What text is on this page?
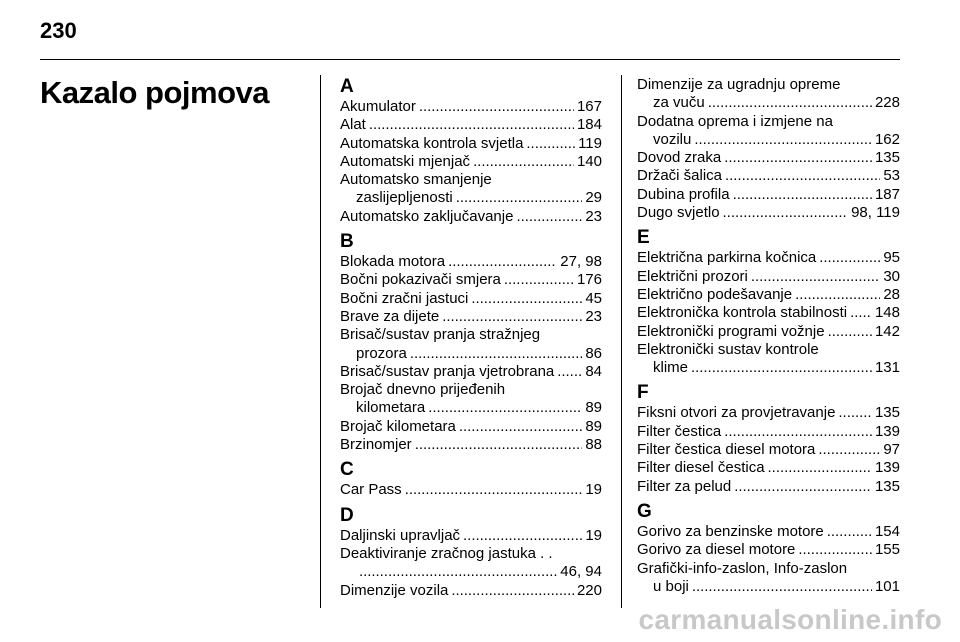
230
Kazalo pojmova	A
Akumulator . . .	167
Alat . . .	184
Automatska kontrola svjetla . . .	119
Automatski mjenjač . . .	140
Automatsko smanjenje
zaslijepljenosti . . .	29
Automatsko zaključavanje . . .	23
B
Blokada motora . . .	27, 98
Bočni pokazivači smjera . . .	176
Bočni zračni jastuci . . .	45
Brave za dijete . . .	23
Brisač/sustav pranja stražnjeg
prozora . . .	86
Brisač/sustav pranja vjetrobrana . . . 84
Brojač dnevno prijeđenih
kilometara . . .	89
Brojač kilometara . . .	89
Brzinomjer . . .	88
C
Car Pass . . .	19
D
Daljinski upravljač . . .	19
Deaktiviranje zračnog jastuka . .
. . .
46, 94
Dimenzije vozila . . .	220
Dimenzije za ugradnju opreme
za vuču . . .	228
Dodatna oprema i izmjene na
vozilu . . .	162
Dovod zraka . . .	135
Držači šalica . . .	53
Dubina profila . . .	187
Dugo svjetlo . . .	98, 119
E
Električna parkirna kočnica . . .	95
Električni prozori . . .	30
Električno podešavanje . . .	28
Elektronička kontrola stabilnosti . . . 148
Elektronički programi vožnje . . .	142
Elektronički sustav kontrole
klime . . .	131
F
Fiksni otvori za provjetravanje . . .	135
Filter čestica . . .	139
Filter čestica diesel motora . . .	97
Filter diesel čestica . . .	139
Filter za pelud . . .	135
G
Gorivo za benzinske motore . . .	154
Gorivo za diesel motore . . .	155
Grafički-info-zaslon, Info-zaslon
u boji . . .	101
carmanualsonline.info
